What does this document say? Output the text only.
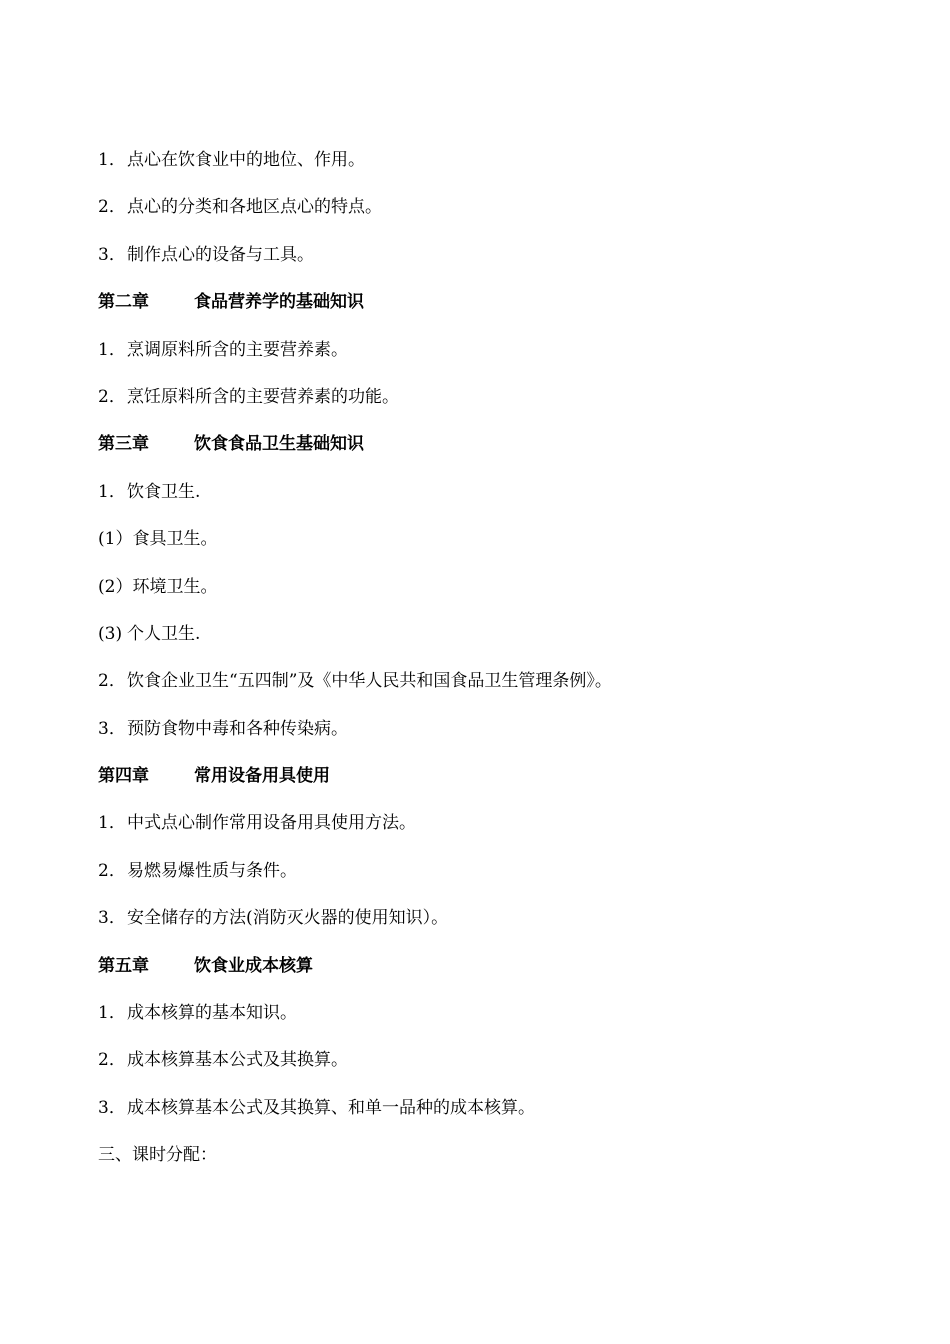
1．点心在饮食业中的地位、作用。
2．点心的分类和各地区点心的特点。
3．制作点心的设备与工具。
第二章	食品营养学的基础知识
1．烹调原料所含的主要营养素。
2．烹饪原料所含的主要营养素的功能。
第三章	饮食食品卫生基础知识
1．饮食卫生.
(1）食具卫生。
(2）环境卫生。
(3) 个人卫生.
2．饮食企业卫生“五四制”及《中华人民共和国食品卫生管理条例》。
3．预防食物中毒和各种传染病。
第四章	常用设备用具使用
1．中式点心制作常用设备用具使用方法。
2．易燃易爆性质与条件。
3．安全储存的方法(消防灭火器的使用知识）。
第五章	饮食业成本核算
1．成本核算的基本知识。
2．成本核算基本公式及其换算。
3．成本核算基本公式及其换算、和单一品种的成本核算。
三、课时分配：
